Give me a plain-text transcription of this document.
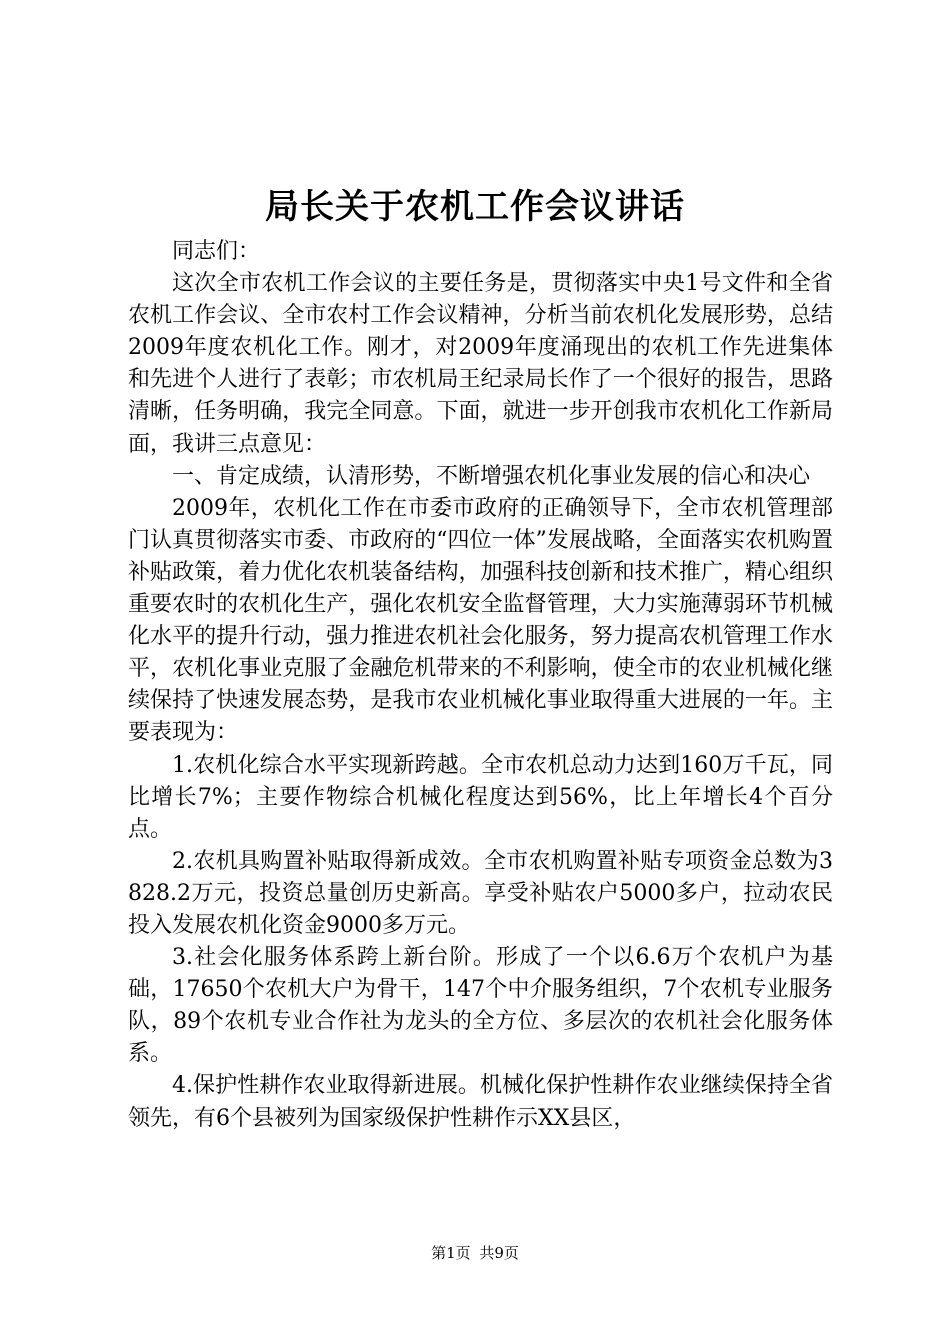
局长关于农机工作会议讲话

同志们：

这次全市农机工作会议的主要任务是，贯彻落实中央1号文件和全省农机工作会议、全市农村工作会议精神，分析当前农机化发展形势，总结2009年度农机化工作。刚才，对2009年度涌现出的农机工作先进集体和先进个人进行了表彰；市农机局王纪录局长作了一个很好的报告，思路清晰，任务明确，我完全同意。下面，就进一步开创我市农机化工作新局面，我讲三点意见：

一、肯定成绩，认清形势，不断增强农机化事业发展的信心和决心

2009年，农机化工作在市委市政府的正确领导下，全市农机管理部门认真贯彻落实市委、市政府的“四位一体”发展战略，全面落实农机购置补贴政策，着力优化农机装备结构，加强科技创新和技术推广，精心组织重要农时的农机化生产，强化农机安全监督管理，大力实施薄弱环节机械化水平的提升行动，强力推进农机社会化服务，努力提高农机管理工作水平，农机化事业克服了金融危机带来的不利影响，使全市的农业机械化继续保持了快速发展态势，是我市农业机械化事业取得重大进展的一年。主要表现为：

1.农机化综合水平实现新跨越。全市农机总动力达到160万千瓦，同比增长7%；主要作物综合机械化程度达到56%，比上年增长4个百分点。

2.农机具购置补贴取得新成效。全市农机购置补贴专项资金总数为3828.2万元，投资总量创历史新高。享受补贴农户5000多户，拉动农民投入发展农机化资金9000多万元。

3.社会化服务体系跨上新台阶。形成了一个以6.6万个农机户为基础，17650个农机大户为骨干，147个中介服务组织，7个农机专业服务队，89个农机专业合作社为龙头的全方位、多层次的农机社会化服务体系。

4.保护性耕作农业取得新进展。机械化保护性耕作农业继续保持全省领先，有6个县被列为国家级保护性耕作示XX县区，

第1页 共9页
